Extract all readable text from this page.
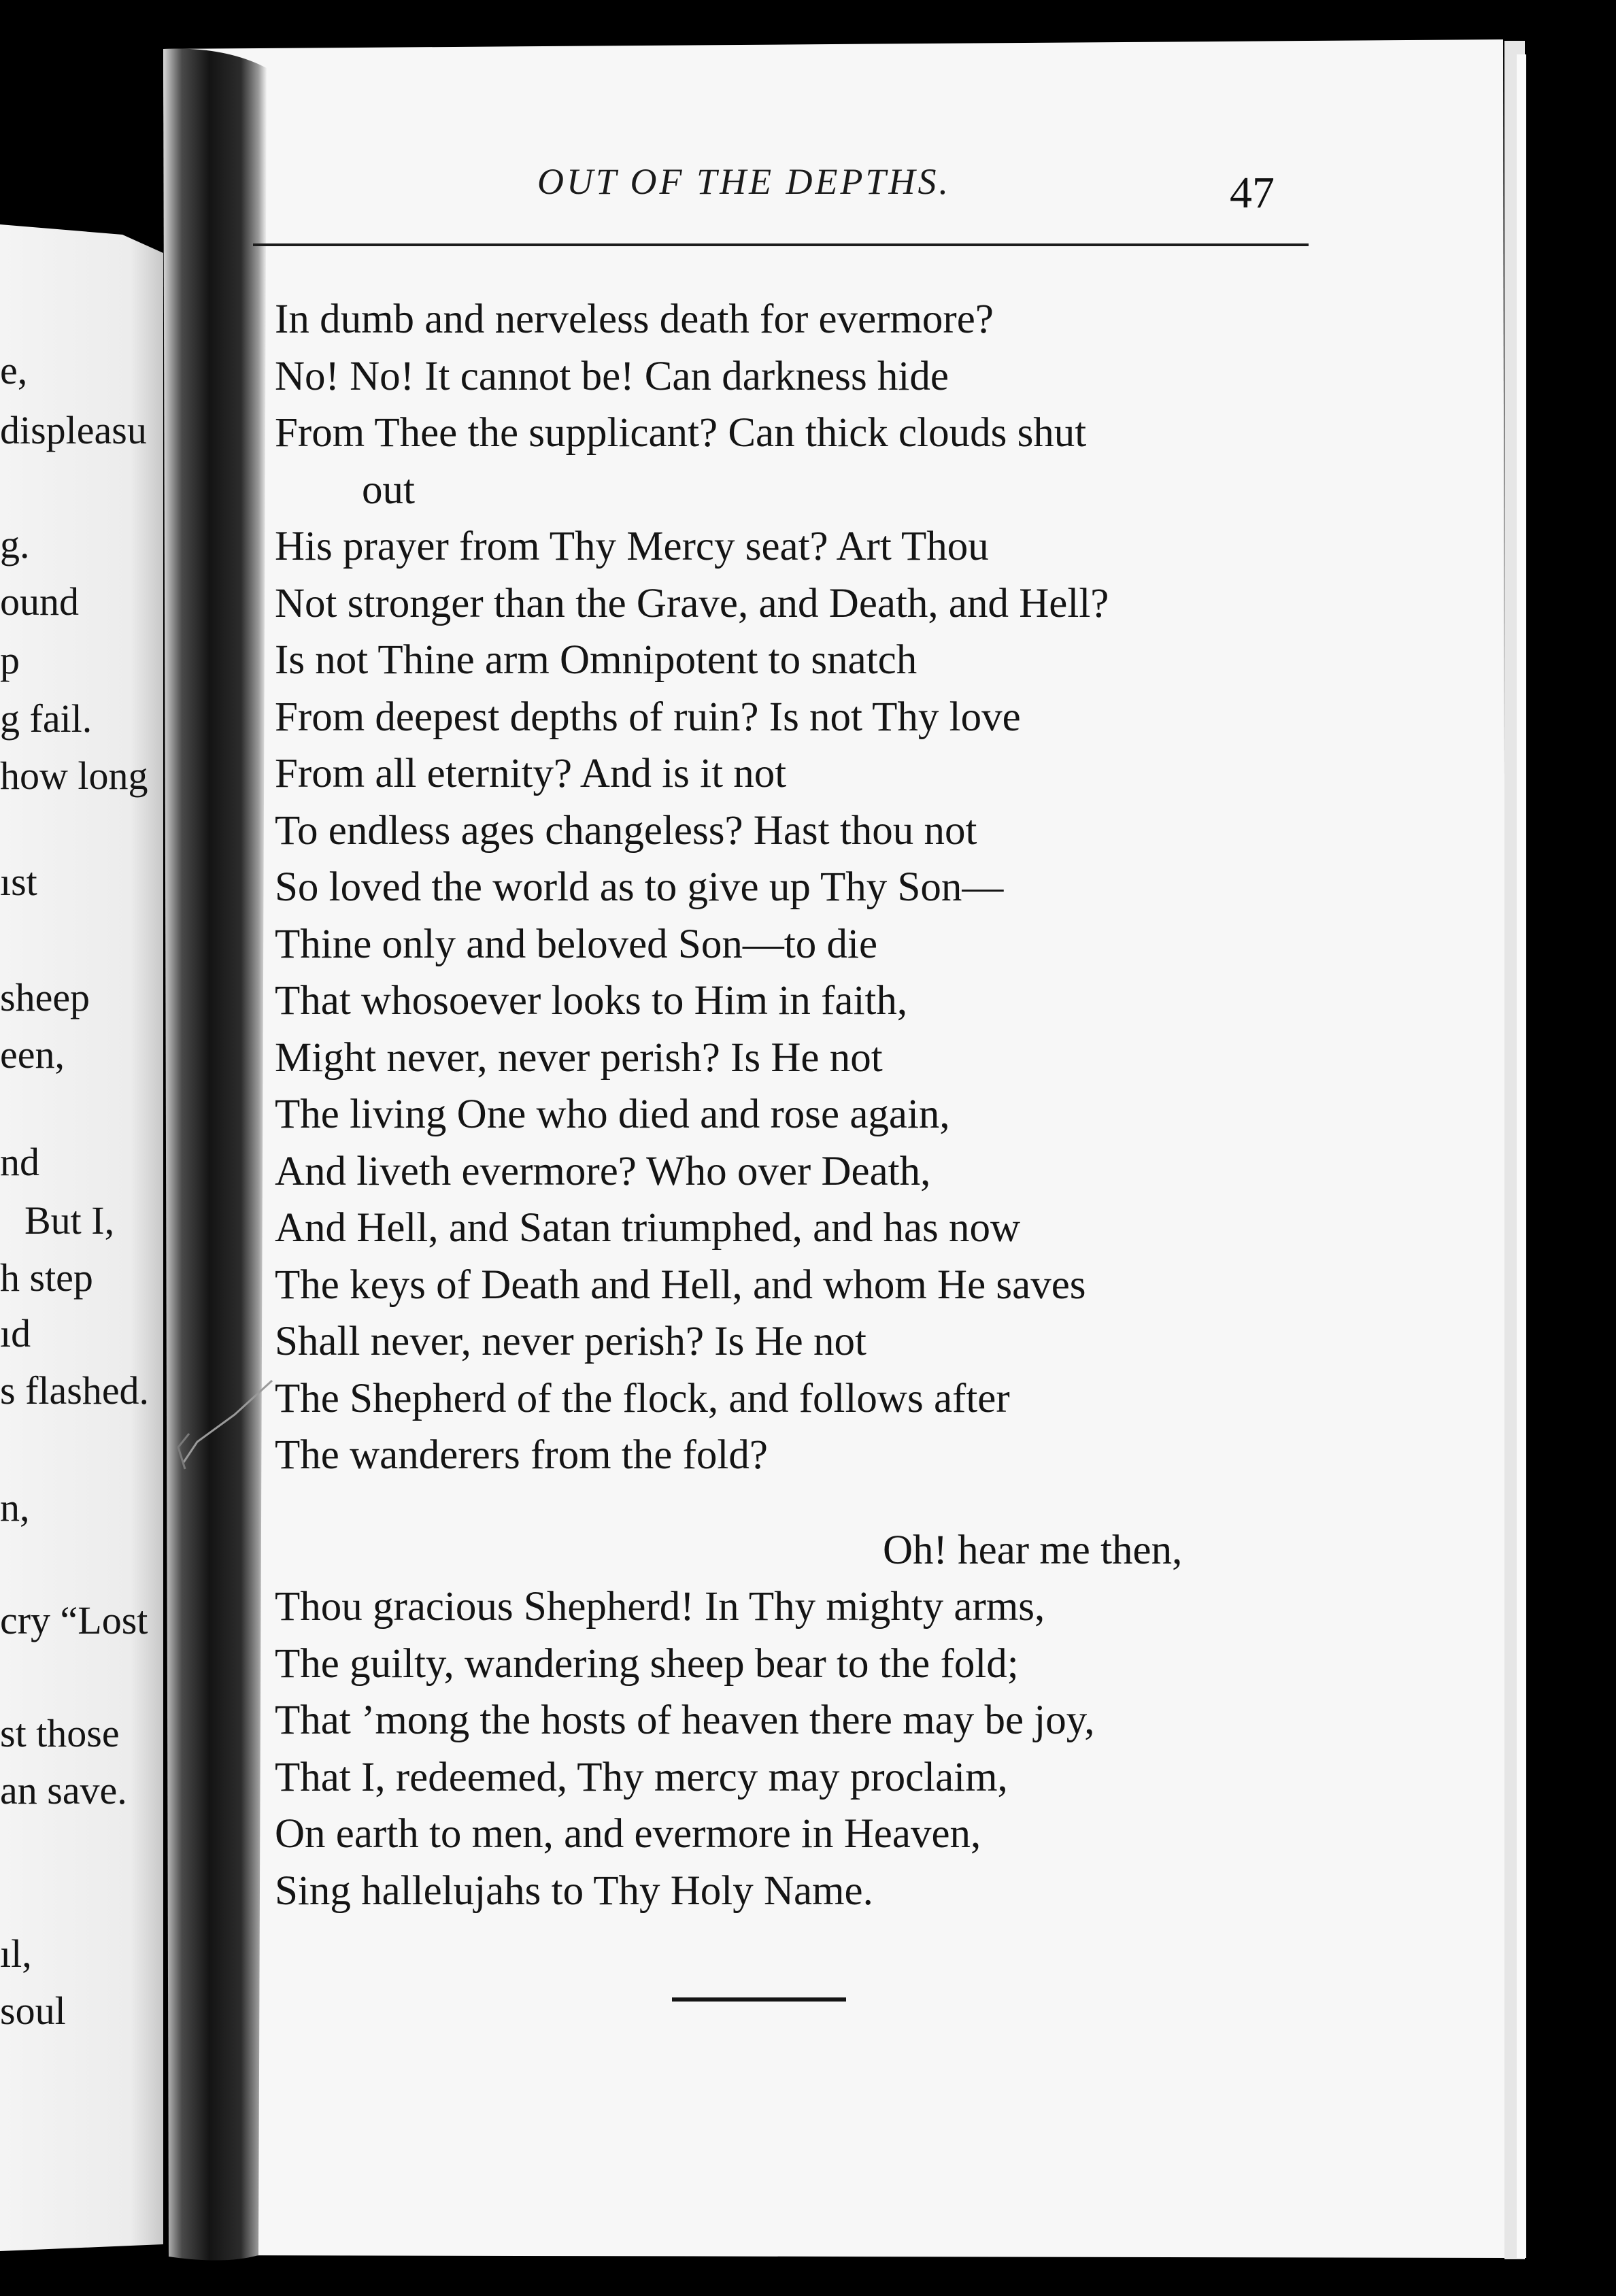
e,
displeasu
g.
ound
p
g fail.
how long
ıst
sheep
een,
nd
But I,
h step
ıd
s flashed.
n,
cry “Lost
st those
an save.
ıl,
soul
OUT OF THE DEPTHS.	47
In dumb and nerveless death for evermore?
No! No! It cannot be! Can darkness hide
From Thee the supplicant? Can thick clouds shut
out
His prayer from Thy Mercy seat? Art Thou
Not stronger than the Grave, and Death, and Hell?
Is not Thine arm Omnipotent to snatch
From deepest depths of ruin? Is not Thy love
From all eternity? And is it not
To endless ages changeless? Hast thou not
So loved the world as to give up Thy Son—
Thine only and beloved Son—to die
That whosoever looks to Him in faith,
Might never, never perish? Is He not
The living One who died and rose again,
And liveth evermore? Who over Death,
And Hell, and Satan triumphed, and has now
The keys of Death and Hell, and whom He saves
Shall never, never perish? Is He not
The Shepherd of the flock, and follows after
The wanderers from the fold?
Oh! hear me then,
Thou gracious Shepherd! In Thy mighty arms,
The guilty, wandering sheep bear to the fold;
That ’mong the hosts of heaven there may be joy,
That I, redeemed, Thy mercy may proclaim,
On earth to men, and evermore in Heaven,
Sing hallelujahs to Thy Holy Name.
